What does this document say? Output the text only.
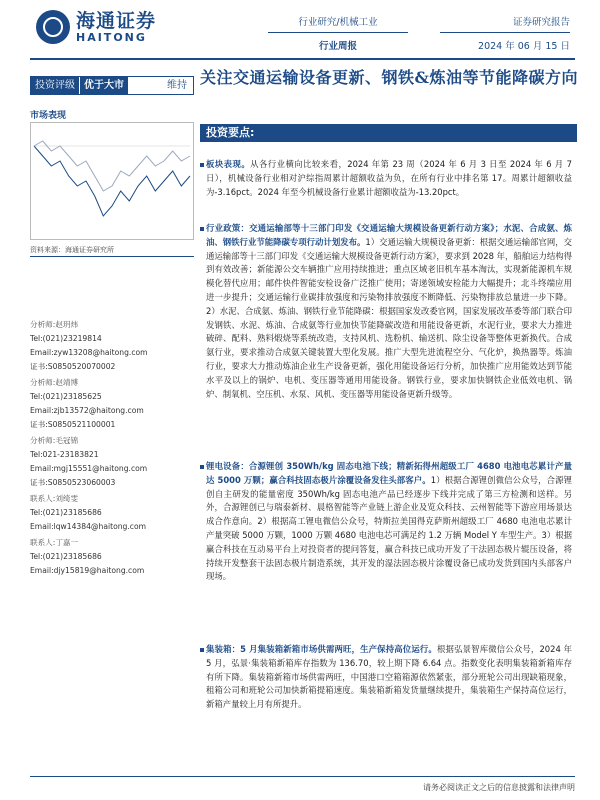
海通证券
HAITONG
行业研究/机械工业
行业周报
证券研究报告
2024 年 06 月 15 日
投资评级 优于大市	维持 关注交通运输设备更新、钢铁&炼油等节能降碳方向
市场表现
资料来源：海通证券研究所
分析师:赵玥炜
Tel:(021)23219814
Email:zyw13208@haitong.com
证书:S0850520070002
分析师:赵靖博
Tel:(021)23185625
Email:zjb13572@haitong.com
证书:S0850521100001
分析师:毛冠锦
Tel:021-23183821
Email:mgj15551@haitong.com
证书:S0850523060003
联系人:刘绮雯
Tel:(021)23185686
Email:lqw14384@haitong.com
联系人:丁嘉一
Tel:(021)23185686
Email:djy15819@haitong.com
投资要点:
板块表现。从各行业横向比较来看，2024 年第 23 周（2024 年 6 月 3 日至 2024 年 6 月 7 日），机械设备行业相对沪综指周累计超额收益为负，在所有行业中排名第 17。周累计超额收益为-3.16pct。2024 年至今机械设备行业累计超额收益为-13.20pct。
行业政策：交通运输部等十三部门印发《交通运输大规模设备更新行动方案》；水泥、合成氨、炼油、钢铁行业节能降碳专项行动计划发布。1）交通运输大规模设备更新：根据交通运输部官网，交通运输部等十三部门印发《交通运输大规模设备更新行动方案》，要求到 2028 年，船舶运力结构得到有效改善；新能源公交车辆推广应用持续推进；重点区域老旧机车基本淘汰，实现新能源机车规模化替代应用；邮件快件智能安检设备广泛推广使用；寄递领域安检能力大幅提升；北斗终端应用进一步提升；交通运输行业碳排放强度和污染物排放强度不断降低、污染物排放总量进一步下降。2）水泥、合成氨、炼油、钢铁行业节能降碳：根据国家发改委官网，国家发展改革委等部门联合印发钢铁、水泥、炼油、合成氨等行业加快节能降碳改造和用能设备更新，水泥行业，要求大力推进破碎、配料、熟料煅烧等系统改造，支持风机、选粉机、输送机、除尘设备等整体更新换代。合成氨行业，要求推动合成氨关键装置大型化发展。推广大型先进流程空分、气化炉，换热器等。炼油行业，要求大力推动炼油企业生产设备更新，强化用能设备运行分析，加快推广应用能效达到节能水平及以上的锅炉、电机、变压器等通用用能设备。钢铁行业，要求加快钢铁企业低效电机、锅炉、制氧机、空压机、水泵、风机、变压器等用能设备更新升级等。
锂电设备：合源锂创 350Wh/kg 固态电池下线；精新拓得州超级工厂 4680 电池电芯累计产量达 5000 万颗；赢合科技固态极片涂覆设备发往头部客户。1）根据合源锂创微信公众号，合源锂创自主研发的能量密度 350Wh/kg 固态电池产品已经逐步下线并完成了第三方检测和送样。另外，合源锂创已与瑞泰新材、晨格智能等产业链上游企业及览众科技、云州智能等下游应用场景达成合作意向。2）根据高工锂电微信公众号，特斯拉美国得克萨斯州超级工厂 4680 电池电芯累计产量突破 5000 万颗，1000 万颗 4680 电池电芯可满足约 1.2 万辆 Model Y 车型生产。3）根据赢合科技在互动易平台上对投资者的提问答复，赢合科技已成功开发了干法固态极片辊压设备，将持续开发整套干法固态极片制造系统，其开发的湿法固态极片涂覆设备已成功发货到国内头部客户现场。
集装箱：5 月集装箱新箱市场供需两旺，生产保持高位运行。根据弘景智库微信公众号，2024 年 5 月，弘景·集装箱新箱库存指数为 136.70，较上期下降 6.64 点。指数变化表明集装箱新箱库存有所下降。集装箱新箱市场供需两旺，中国港口空箱箱源依然紧张，部分班轮公司出现缺箱现象，租箱公司和班轮公司加快新箱提箱速度。集装箱新箱发货量继续提升，集装箱生产保持高位运行，新箱产量较上月有所提升。
请务必阅读正文之后的信息披露和法律声明
